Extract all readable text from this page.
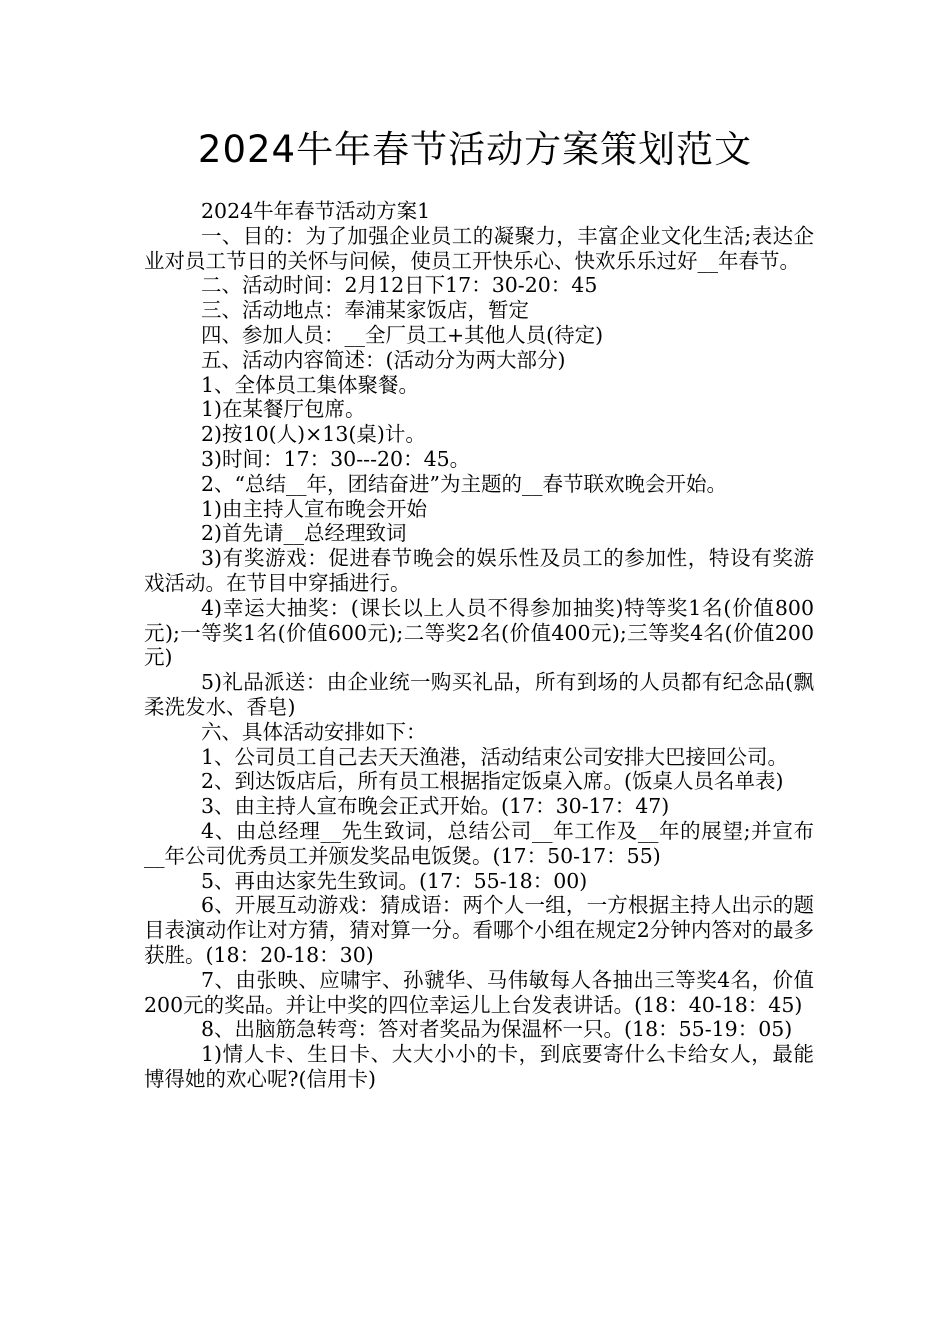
2024牛年春节活动方案策划范文

2024牛年春节活动方案1

一、目的：为了加强企业员工的凝聚力，丰富企业文化生活;表达企业对员工节日的关怀与问候，使员工开快乐心、快欢乐乐过好__年春节。

二、活动时间：2月12日下17：30-20：45

三、活动地点：奉浦某家饭店，暂定

四、参加人员：__全厂员工+其他人员(待定)

五、活动内容简述：(活动分为两大部分)

1、全体员工集体聚餐。

1)在某餐厅包席。

2)按10(人)×13(桌)计。

3)时间：17：30---20：45。

2、“总结__年，团结奋进”为主题的__春节联欢晚会开始。

1)由主持人宣布晚会开始

2)首先请__总经理致词

3)有奖游戏：促进春节晚会的娱乐性及员工的参加性，特设有奖游戏活动。在节目中穿插进行。

4)幸运大抽奖：(课长以上人员不得参加抽奖)特等奖1名(价值800元);一等奖1名(价值600元);二等奖2名(价值400元);三等奖4名(价值200元)

5)礼品派送：由企业统一购买礼品，所有到场的人员都有纪念品(飘柔洗发水、香皂)

六、具体活动安排如下：

1、公司员工自己去天天渔港，活动结束公司安排大巴接回公司。

2、到达饭店后，所有员工根据指定饭桌入席。(饭桌人员名单表)

3、由主持人宣布晚会正式开始。(17：30-17：47)

4、由总经理__先生致词，总结公司__年工作及__年的展望;并宣布__年公司优秀员工并颁发奖品电饭煲。(17：50-17：55)

5、再由达家先生致词。(17：55-18：00)

6、开展互动游戏：猜成语：两个人一组，一方根据主持人出示的题目表演动作让对方猜，猜对算一分。看哪个小组在规定2分钟内答对的最多获胜。(18：20-18：30)

7、由张映、应啸宇、孙虢华、马伟敏每人各抽出三等奖4名，价值200元的奖品。并让中奖的四位幸运儿上台发表讲话。(18：40-18：45)

8、出脑筋急转弯：答对者奖品为保温杯一只。(18：55-19：05)

1)情人卡、生日卡、大大小小的卡，到底要寄什么卡给女人，最能博得她的欢心呢?(信用卡)
